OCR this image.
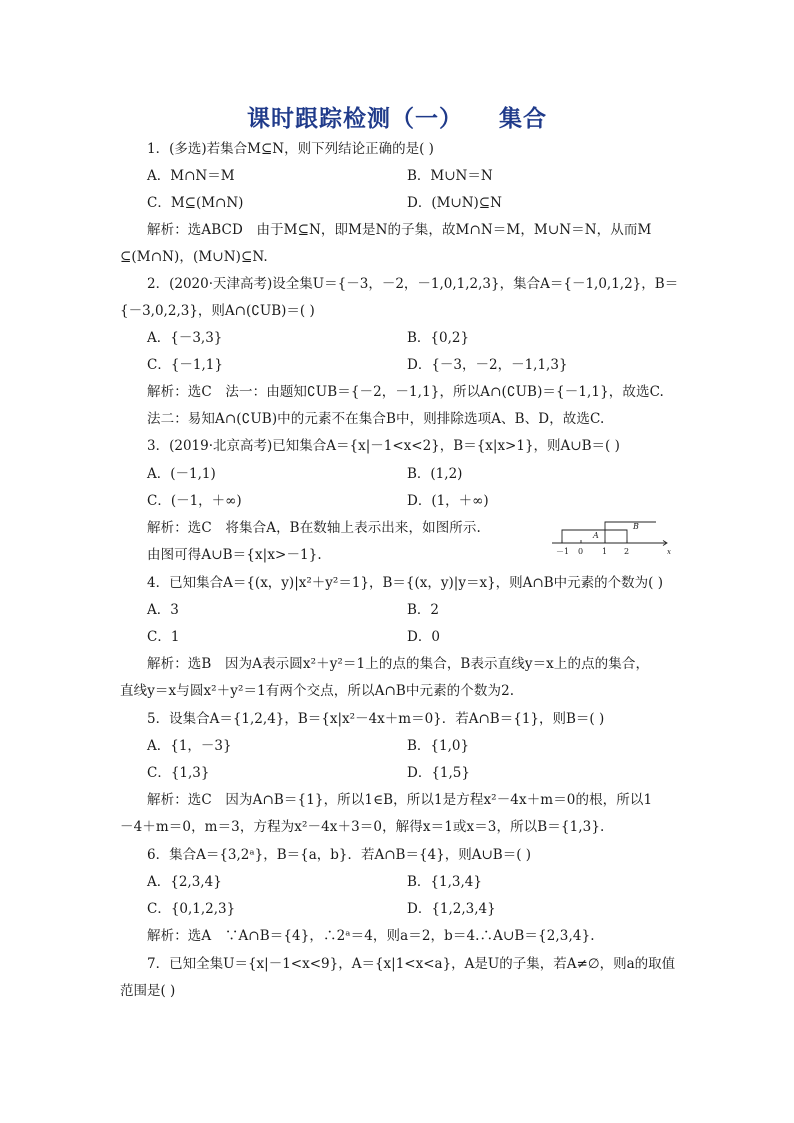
课时跟踪检测（一）    集合
1．(多选)若集合M⊆N，则下列结论正确的是( )
A．M∩N＝M	B．M∪N＝N
C．M⊆(M∩N)	D．(M∪N)⊆N
解析：选ABCD　由于M⊆N，即M是N的子集，故M∩N＝M，M∪N＝N，从而M
⊆(M∩N)，(M∪N)⊆N.
2．(2020·天津高考)设全集U＝{－3，－2，－1,0,1,2,3}，集合A＝{－1,0,1,2}，B＝
{－3,0,2,3}，则A∩(∁UB)＝( )
A．{－3,3}	B．{0,2}
C．{－1,1}	D．{－3，－2，－1,1,3}
解析：选C　法一：由题知∁UB＝{－2，－1,1}，所以A∩(∁UB)＝{－1,1}，故选C.
法二：易知A∩(∁UB)中的元素不在集合B中，则排除选项A、B、D，故选C.
3．(2019·北京高考)已知集合A＝{x|－1<x<2}，B＝{x|x>1}，则A∪B＝( )
A．(－1,1)	B．(1,2)
C．(－1，＋∞)	D．(1，＋∞)
解析：选C　将集合A，B在数轴上表示出来，如图所示.
由图可得A∪B＝{x|x>－1}.
A
B
－1 0 1 2	x
4．已知集合A＝{(x，y)|x²＋y²＝1}，B＝{(x，y)|y＝x}，则A∩B中元素的个数为( )
A．3	B．2
C．1	D．0
解析：选B　因为A表示圆x²＋y²＝1上的点的集合，B表示直线y＝x上的点的集合，
直线y＝x与圆x²＋y²＝1有两个交点，所以A∩B中元素的个数为2.
5．设集合A＝{1,2,4}，B＝{x|x²－4x＋m＝0}．若A∩B＝{1}，则B＝( )
A．{1，－3}	B．{1,0}
C．{1,3}	D．{1,5}
解析：选C　因为A∩B＝{1}，所以1∈B，所以1是方程x²－4x＋m＝0的根，所以1
－4＋m＝0，m＝3，方程为x²－4x＋3＝0，解得x＝1或x＝3，所以B＝{1,3}.
6．集合A＝{3,2ᵃ}，B＝{a，b}．若A∩B＝{4}，则A∪B＝( )
A．{2,3,4}	B．{1,3,4}
C．{0,1,2,3}	D．{1,2,3,4}
解析：选A　∵A∩B＝{4}，∴2ᵃ＝4，则a＝2，b＝4.∴A∪B＝{2,3,4}.
7．已知全集U＝{x|－1<x<9}，A＝{x|1<x<a}，A是U的子集，若A≠∅，则a的取值
范围是( )
